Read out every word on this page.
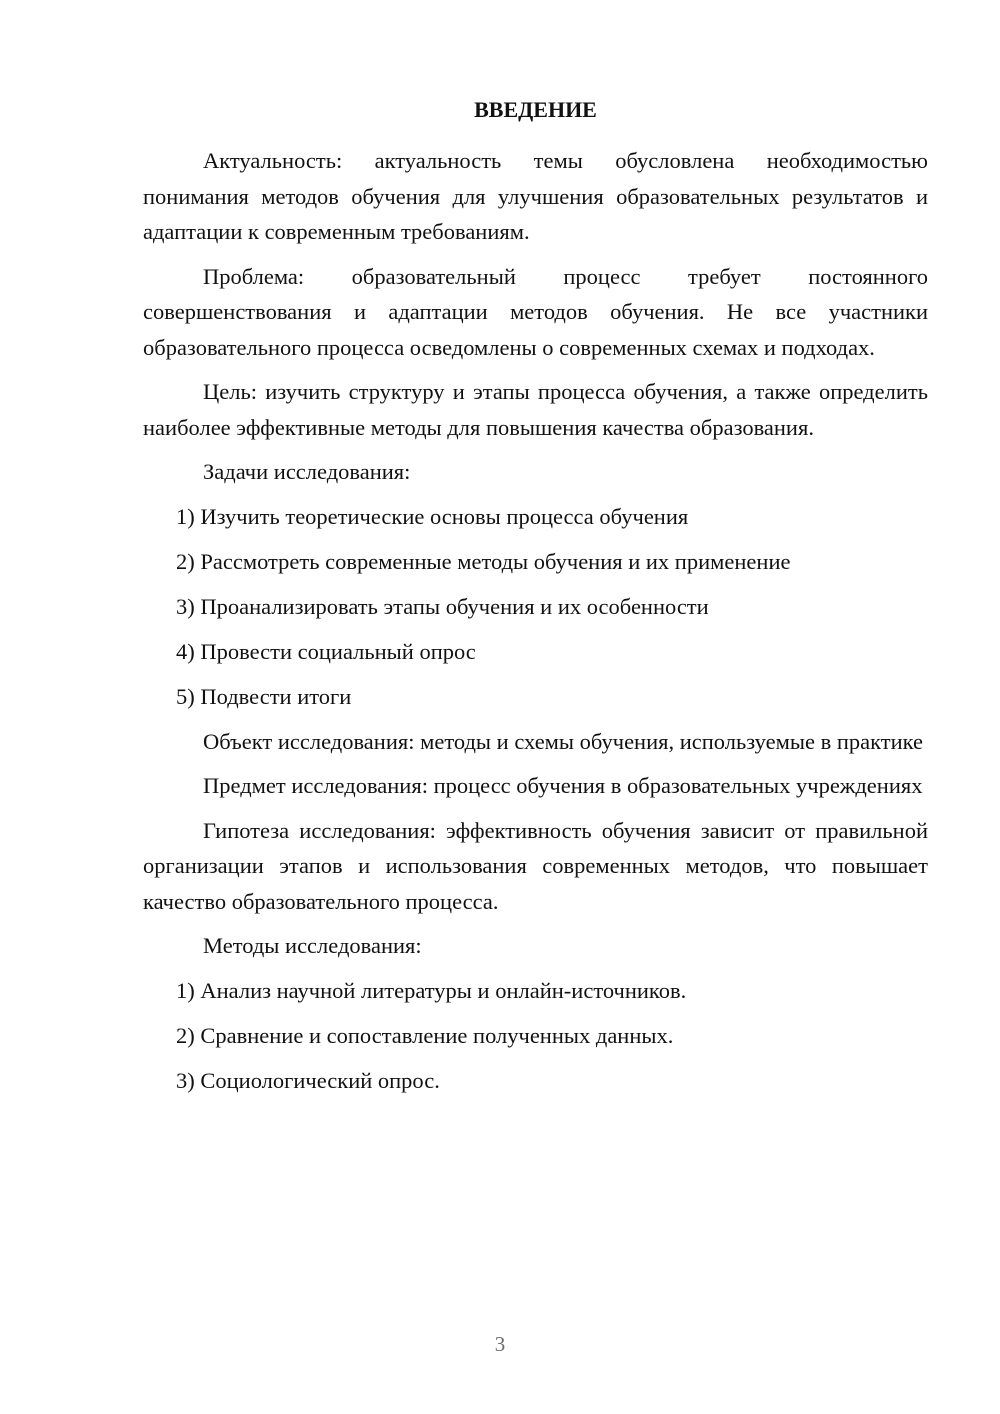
ВВЕДЕНИЕ

Актуальность: актуальность темы обусловлена необходимостью понимания методов обучения для улучшения образовательных результатов и адаптации к современным требованиям.

Проблема: образовательный процесс требует постоянного совершенствования и адаптации методов обучения. Не все участники образовательного процесса осведомлены о современных схемах и подходах.

Цель: изучить структуру и этапы процесса обучения, а также определить наиболее эффективные методы для повышения качества образования.

Задачи исследования:

1) Изучить теоретические основы процесса обучения
2) Рассмотреть современные методы обучения и их применение
3) Проанализировать этапы обучения и их особенности
4) Провести социальный опрос
5) Подвести итоги

Объект исследования: методы и схемы обучения, используемые в практике

Предмет исследования: процесс обучения в образовательных учреждениях

Гипотеза исследования: эффективность обучения зависит от правильной организации этапов и использования современных методов, что повышает качество образовательного процесса.

Методы исследования:

1) Анализ научной литературы и онлайн-источников.
2) Сравнение и сопоставление полученных данных.
3) Социологический опрос.
3
